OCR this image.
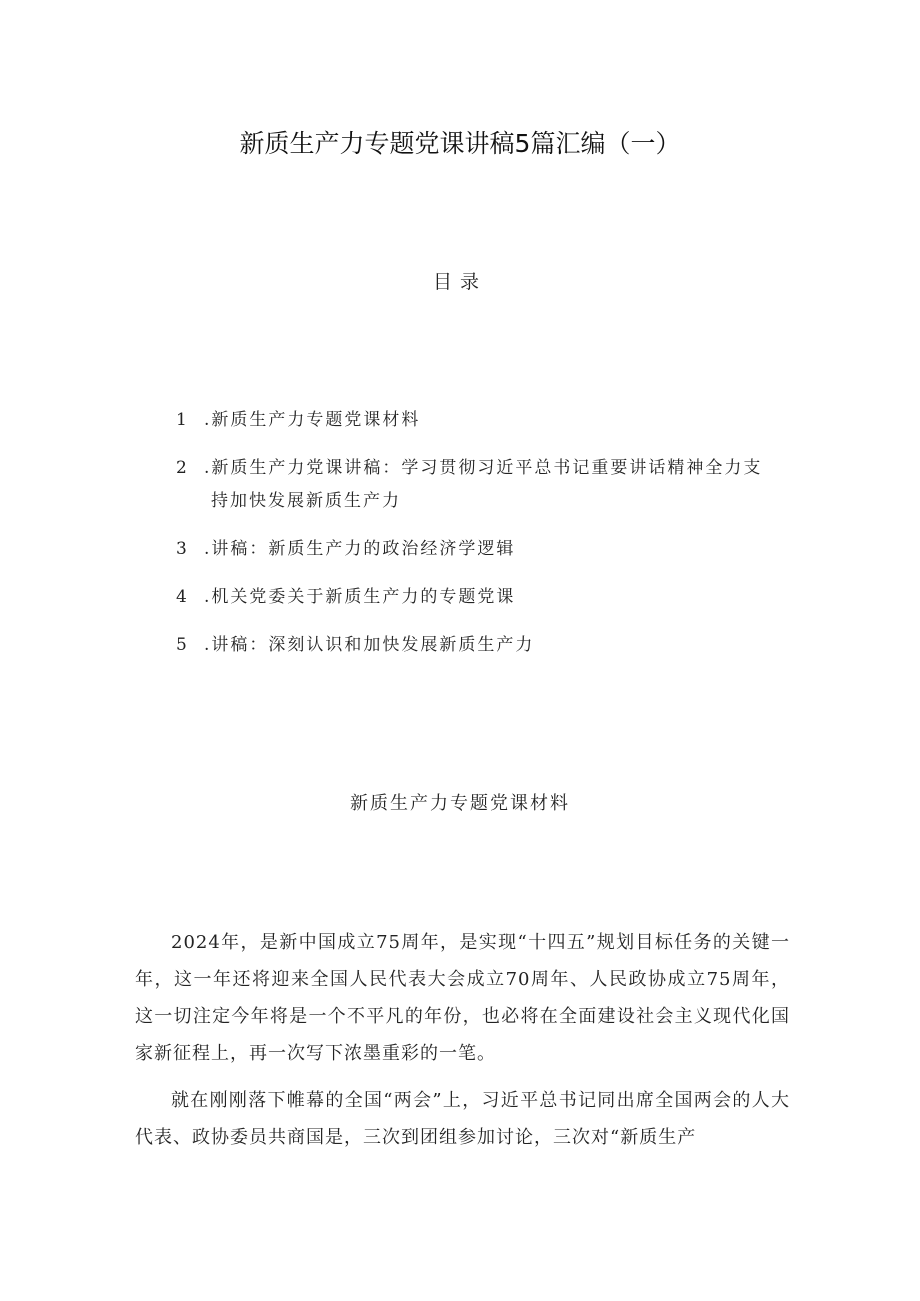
新质生产力专题党课讲稿5篇汇编（一）
目录
1 .新质生产力专题党课材料
2 .新质生产力党课讲稿：学习贯彻习近平总书记重要讲话精神全力支
持加快发展新质生产力
3 .讲稿：新质生产力的政治经济学逻辑
4 .机关党委关于新质生产力的专题党课
5 .讲稿：深刻认识和加快发展新质生产力
新质生产力专题党课材料

2024年，是新中国成立75周年，是实现“十四五”规划目标任务的关键一年，这一年还将迎来全国人民代表大会成立70周年、人民政协成立75周年，这一切注定今年将是一个不平凡的年份，也必将在全面建设社会主义现代化国家新征程上，再一次写下浓墨重彩的一笔。

就在刚刚落下帷幕的全国“两会”上，习近平总书记同出席全国两会的人大代表、政协委员共商国是，三次到团组参加讨论，三次对“新质生产
